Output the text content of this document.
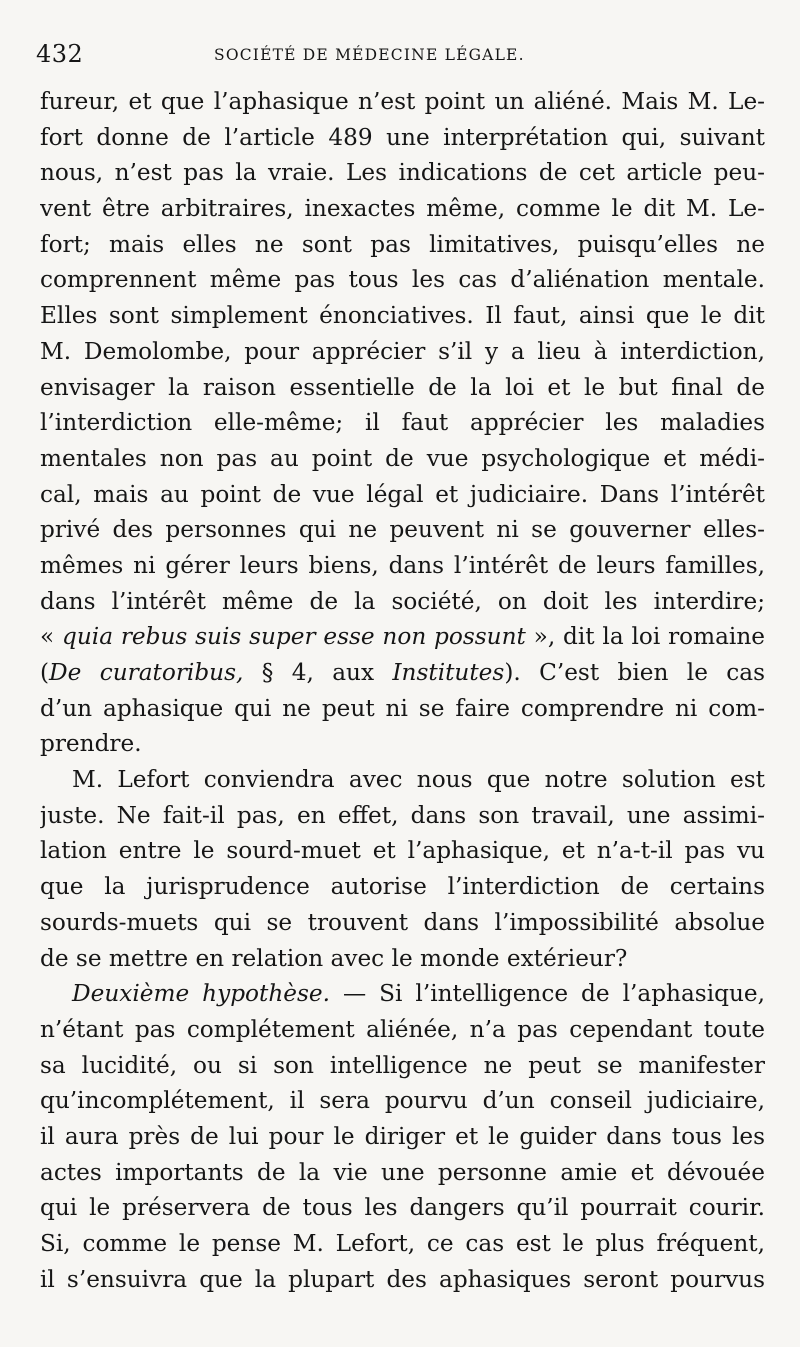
432	SOCIÉTÉ DE MÉDECINE LÉGALE.
fureur, et que l’aphasique n’est point un aliéné. Mais M. Le-
fort donne de l’article 489 une interprétation qui, suivant
nous, n’est pas la vraie. Les indications de cet article peu-
vent être arbitraires, inexactes même, comme le dit M. Le-
fort; mais elles ne sont pas limitatives, puisqu’elles ne
comprennent même pas tous les cas d’aliénation mentale.
Elles sont simplement énonciatives. Il faut, ainsi que le dit
M. Demolombe, pour apprécier s’il y a lieu à interdiction,
envisager la raison essentielle de la loi et le but final de
l’interdiction elle-même; il faut apprécier les maladies
mentales non pas au point de vue psychologique et médi-
cal, mais au point de vue légal et judiciaire. Dans l’intérêt
privé des personnes qui ne peuvent ni se gouverner elles-
mêmes ni gérer leurs biens, dans l’intérêt de leurs familles,
dans l’intérêt même de la société, on doit les interdire;
« quia rebus suis super esse non possunt », dit la loi romaine
(De curatoribus, § 4, aux Institutes). C’est bien le cas
d’un aphasique qui ne peut ni se faire comprendre ni com-
prendre.
M. Lefort conviendra avec nous que notre solution est
juste. Ne fait-il pas, en effet, dans son travail, une assimi-
lation entre le sourd-muet et l’aphasique, et n’a-t-il pas vu
que la jurisprudence autorise l’interdiction de certains
sourds-muets qui se trouvent dans l’impossibilité absolue
de se mettre en relation avec le monde extérieur?
Deuxième hypothèse. — Si l’intelligence de l’aphasique,
n’étant pas complétement aliénée, n’a pas cependant toute
sa lucidité, ou si son intelligence ne peut se manifester
qu’incomplétement, il sera pourvu d’un conseil judiciaire,
il aura près de lui pour le diriger et le guider dans tous les
actes importants de la vie une personne amie et dévouée
qui le préservera de tous les dangers qu’il pourrait courir.
Si, comme le pense M. Lefort, ce cas est le plus fréquent,
il s’ensuivra que la plupart des aphasiques seront pourvus
